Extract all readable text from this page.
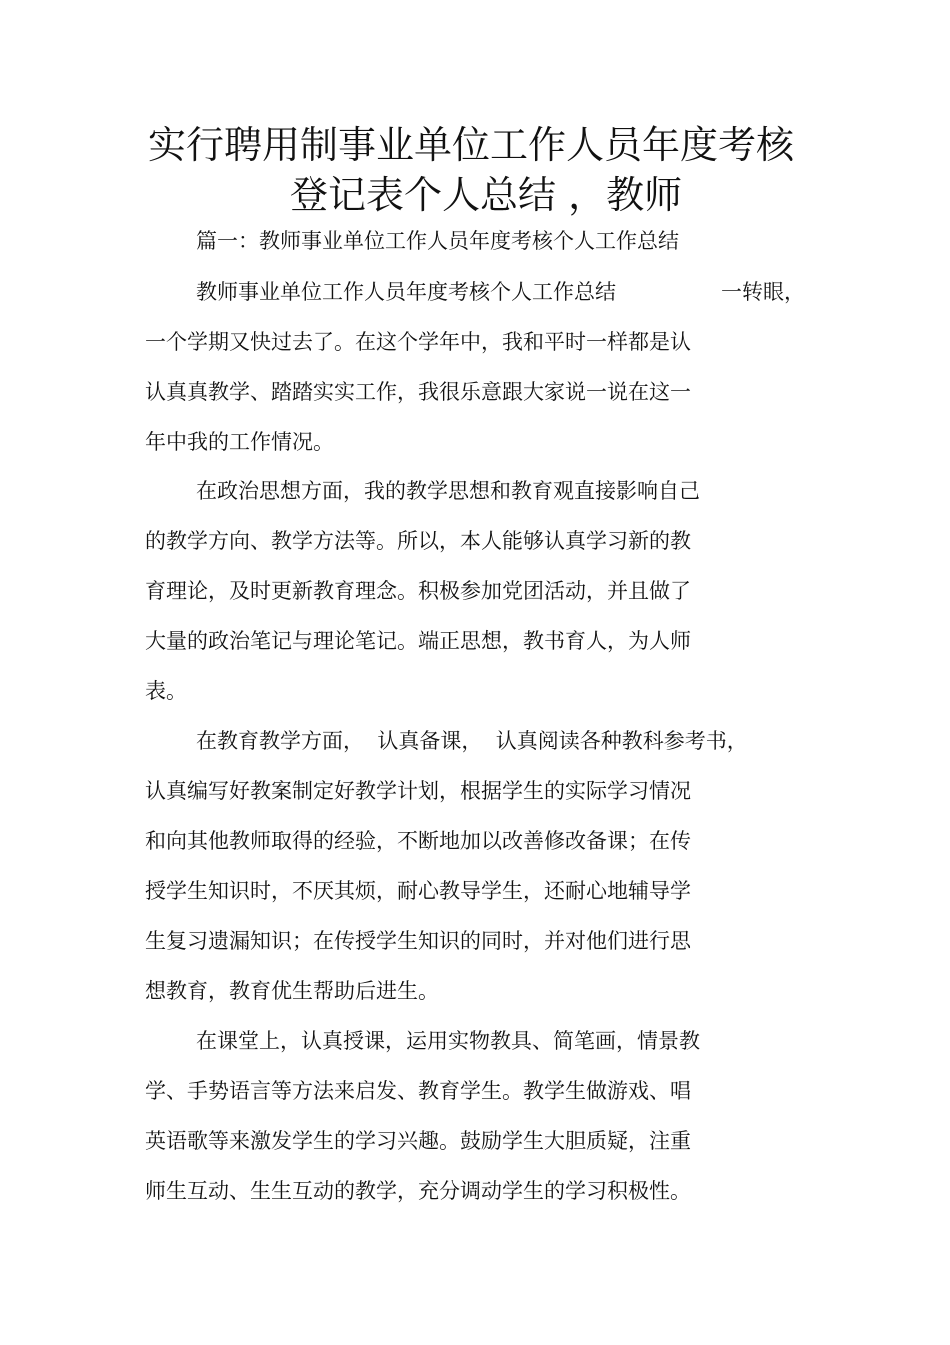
实行聘用制事业单位工作人员年度考核
登记表个人总结 ，教师

篇一：教师事业单位工作人员年度考核个人工作总结

教师事业单位工作人员年度考核个人工作总结	一转眼，

一个学期又快过去了。在这个学年中，我和平时一样都是认

认真真教学、踏踏实实工作，我很乐意跟大家说一说在这一

年中我的工作情况。

在政治思想方面，我的教学思想和教育观直接影响自己

的教学方向、教学方法等。所以，本人能够认真学习新的教

育理论，及时更新教育理念。积极参加党团活动，并且做了

大量的政治笔记与理论笔记。端正思想，教书育人，为人师

表。

在教育教学方面，  认真备课，  认真阅读各种教科参考书，

认真编写好教案制定好教学计划，根据学生的实际学习情况

和向其他教师取得的经验，不断地加以改善修改备课；在传

授学生知识时，不厌其烦，耐心教导学生，还耐心地辅导学

生复习遗漏知识；在传授学生知识的同时，并对他们进行思

想教育，教育优生帮助后进生。

在课堂上，认真授课，运用实物教具、简笔画，情景教

学、手势语言等方法来启发、教育学生。教学生做游戏、唱

英语歌等来激发学生的学习兴趣。鼓励学生大胆质疑，注重

师生互动、生生互动的教学，充分调动学生的学习积极性。
